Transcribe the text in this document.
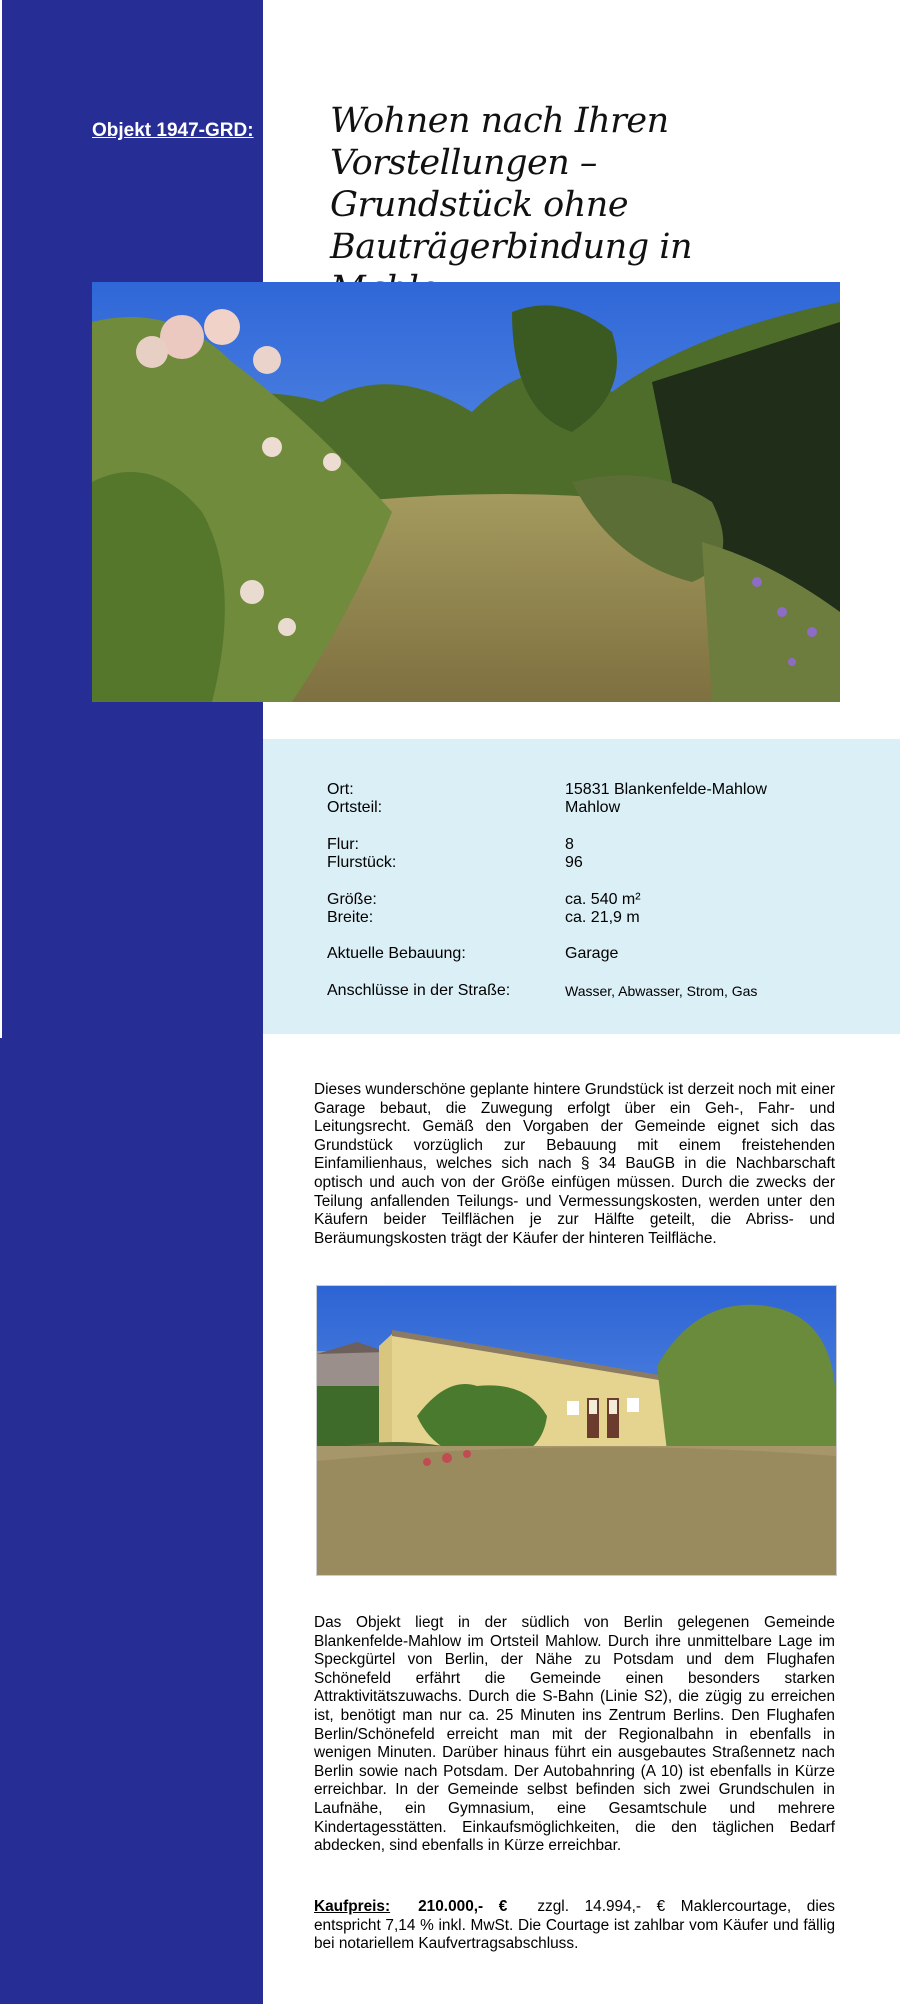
Objekt 1947-GRD: Wohnen nach Ihren Vorstellungen – Grundstück ohne Bauträgerbindung in
Ort:	15831 Blankenfelde-Mahlow
Ortsteil:	Mahlow
Flur:	8
Flurstück:	96
Größe:	ca. 540 m²
Breite:	ca. 21,9 m
Aktuelle Bebauung:	Garage
Anschlüsse in der Straße:	Wasser, Abwasser, Strom, Gas
Dieses wunderschöne geplante hintere Grundstück ist derzeit noch mit einer Garage bebaut, die Zuwegung erfolgt über ein Geh-, Fahr- und Leitungsrecht. Gemäß den Vorgaben der Gemeinde eignet sich das Grundstück vorzüglich zur Bebauung mit einem freistehenden Einfamilienhaus, welches sich nach § 34 BauGB in die Nachbarschaft optisch und auch von der Größe einfügen müssen. Durch die zwecks der Teilung anfallenden Teilungs- und Vermessungskosten, werden unter den Käufern beider Teilflächen je zur Hälfte geteilt, die Abriss- und Beräumungskosten trägt der Käufer der hinteren Teilfläche.
Das Objekt liegt in der südlich von Berlin gelegenen Gemeinde Blankenfelde-Mahlow im Ortsteil Mahlow. Durch ihre unmittelbare Lage im Speckgürtel von Berlin, der Nähe zu Potsdam und dem Flughafen Schönefeld erfährt die Gemeinde einen besonders starken Attraktivitätszuwachs. Durch die S-Bahn (Linie S2), die zügig zu erreichen ist, benötigt man nur ca. 25 Minuten ins Zentrum Berlins. Den Flughafen Berlin/Schönefeld erreicht man mit der Regionalbahn in ebenfalls in wenigen Minuten. Darüber hinaus führt ein ausgebautes Straßennetz nach Berlin sowie nach Potsdam. Der Autobahnring (A 10) ist ebenfalls in Kürze erreichbar. In der Gemeinde selbst befinden sich zwei Grundschulen in Laufnähe, ein Gymnasium, eine Gesamtschule und mehrere Kindertagesstätten. Einkaufsmöglichkeiten, die den täglichen Bedarf abdecken, sind ebenfalls in Kürze erreichbar.
Kaufpreis: 210.000,- € zzgl. 14.994,- € Maklercourtage, dies entspricht 7,14 % inkl. MwSt. Die Courtage ist zahlbar vom Käufer und fällig bei notariellem Kaufvertragsabschluss.
